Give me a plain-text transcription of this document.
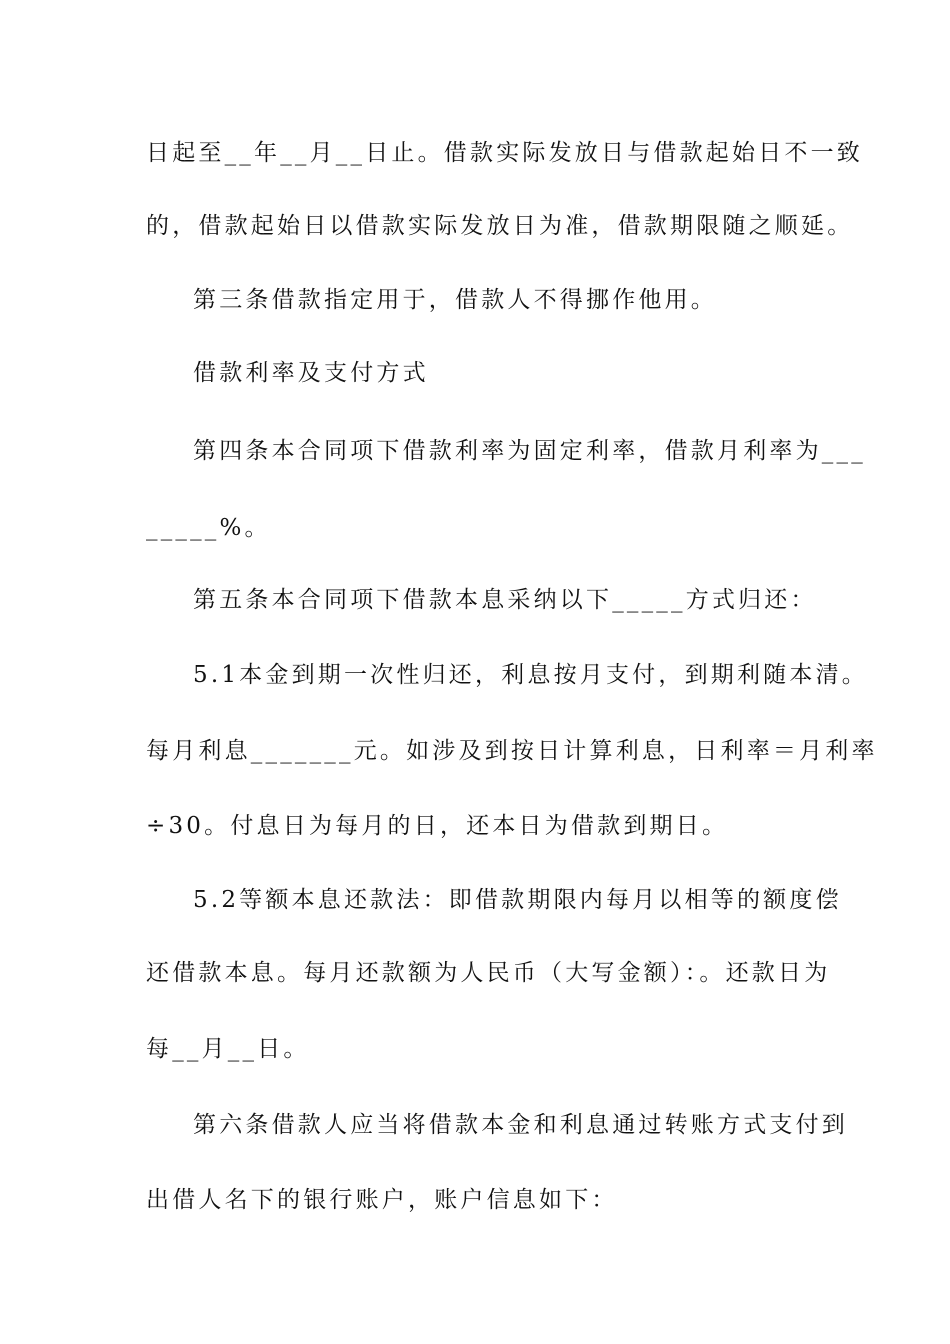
日起至__年__月__日止。借款实际发放日与借款起始日不一致
的，借款起始日以借款实际发放日为准，借款期限随之顺延。
第三条借款指定用于，借款人不得挪作他用。
借款利率及支付方式
第四条本合同项下借款利率为固定利率，借款月利率为___
_____%。
第五条本合同项下借款本息采纳以下_____方式归还：
5.1本金到期一次性归还，利息按月支付，到期利随本清。
每月利息_______元。如涉及到按日计算利息，日利率＝月利率
÷30。付息日为每月的日，还本日为借款到期日。
5.2等额本息还款法：即借款期限内每月以相等的额度偿
还借款本息。每月还款额为人民币（大写金额）：。还款日为
每__月__日。
第六条借款人应当将借款本金和利息通过转账方式支付到
出借人名下的银行账户，账户信息如下：
